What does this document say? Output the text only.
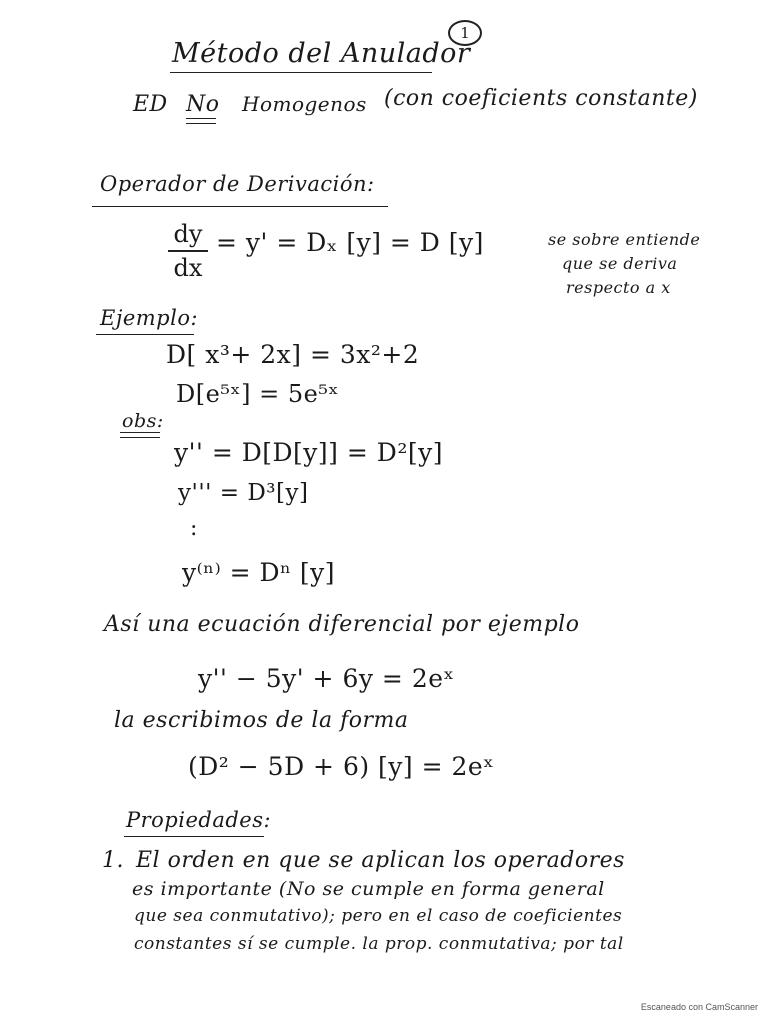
Método del Anulador
1
ED No Homogenos (con coeficients constante)
Operador de Derivación:
$\frac{dy}{dx} = y' = D_x$ [y] = D [y]	se sobre entiende
que se deriva
respecto a x
Ejemplo:
D[ x³+ 2x] = 3x²+2
D[e⁵ˣ] = 5e⁵ˣ
obs:
y'' = D[D[y]] = D²[y]
y''' = D³[y]
:
y⁽ⁿ⁾ = Dⁿ [y]
Así una ecuación diferencial por ejemplo
y'' − 5y' + 6y = 2eˣ
la escribimos de la forma
(D² − 5D + 6) [y] = 2eˣ
Propiedades:
1. El orden en que se aplican los operadores
es importante (No se cumple en forma general
que sea conmutativo); pero en el caso de coeficientes
constantes sí se cumple. la prop. conmutativa; por tal
Escaneado con CamScanner
